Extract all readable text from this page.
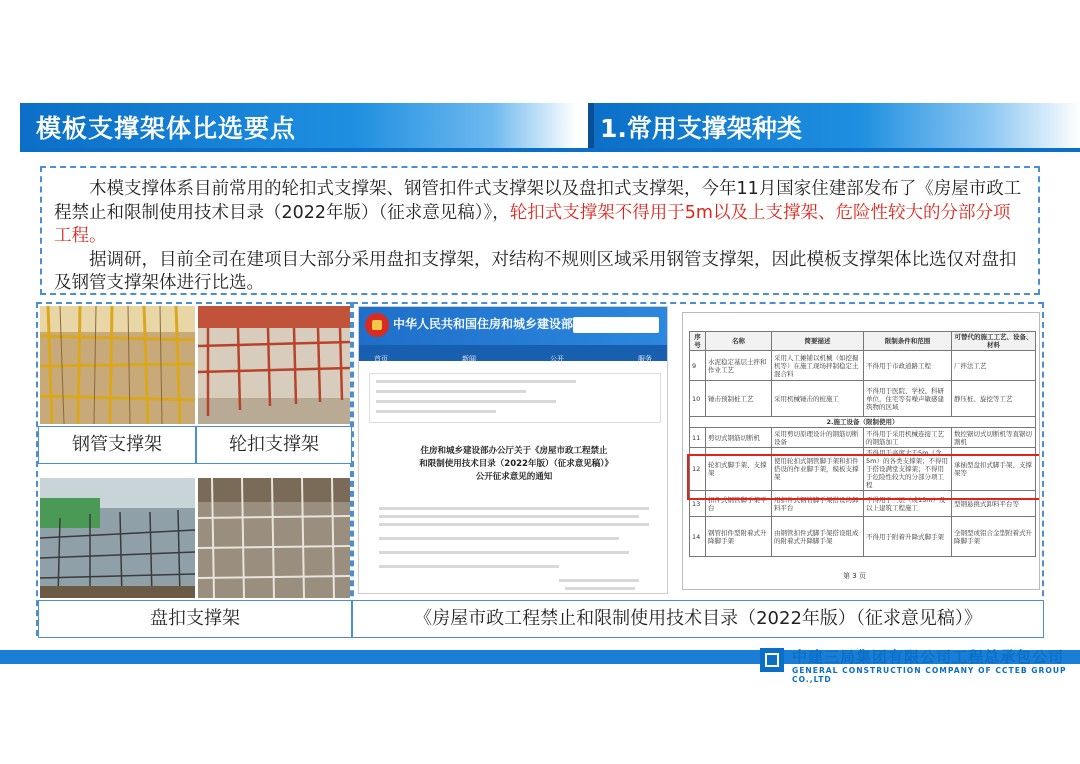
模板支撑架体比选要点	1.常用支撑架种类

木模支撑体系目前常用的轮扣式支撑架、钢管扣件式支撑架以及盘扣式支撑架，今年11月国家住建部发布了《房屋市政工程禁止和限制使用技术目录（2022年版）（征求意见稿）》，轮扣式支撑架不得用于5m以及上支撑架、危险性较大的分部分项工程。

据调研，目前全司在建项目大部分采用盘扣支撑架，对结构不规则区域采用钢管支撑架，因此模板支撑架体比选仅对盘扣及钢管支撑架体进行比选。

钢管支撑架	轮扣支撑架
盘扣支撑架
中华人民共和国住房和城乡建设部
首页	新闻	公开	服务
住房和城乡建设部办公厅关于《房屋市政工程禁止和限制使用技术目录（2022年版）（征求意见稿）》公开征求意见的通知
序号	名称	简要描述	限制条件和范围	可替代的施工工艺、设备、材料
9	水泥稳定基层土拌和作业工艺	采用人工摊铺以机械（如挖掘机等）在施工现场拌制稳定土混合料	不得用于市政道路工程	厂拌法工艺
10	锤击预制桩工艺	采用机械锤击的桩施工	不得用于医院、学校、科研单位，住宅等有噪声敏感建筑物的区域	静压桩、旋挖等工艺
2.施工设备（限制使用）				
11	剪切式钢筋切断机	采用剪切原理设计的钢筋切断设备	不得用于采用机械连接工艺的钢筋加工	数控锯切式切断机等直锯切割机
12	轮扣式脚手架、支撑架	使用轮扣式钢管脚手架和扣件搭设的作业脚手架，模板支撑架	不得用于高度大于5m（含5m）的各类支撑架；不得用于搭设满堂支撑架；不得用于危险性较大的分部分项工程	承插型盘扣式脚手架、支撑架等
13	扣件式钢管脚手架平台	用扣件式钢管脚手架搭设的卸料平台	不得用于三层（或15m）及以上建筑工程施工	型钢悬挑式卸料平台等
14	钢管扣件型附着式升降脚手架	由钢管扣件式脚手架搭设组成的附着式升降脚手架	不得用于附着升降式脚手架	全钢型或铝合金型附着式升降脚手架
第 3 页
《房屋市政工程禁止和限制使用技术目录（2022年版）（征求意见稿）》
中建三局集团有限公司工程总承包公司
GENERAL CONSTRUCTION COMPANY OF CCTEB GROUP CO.,LTD
